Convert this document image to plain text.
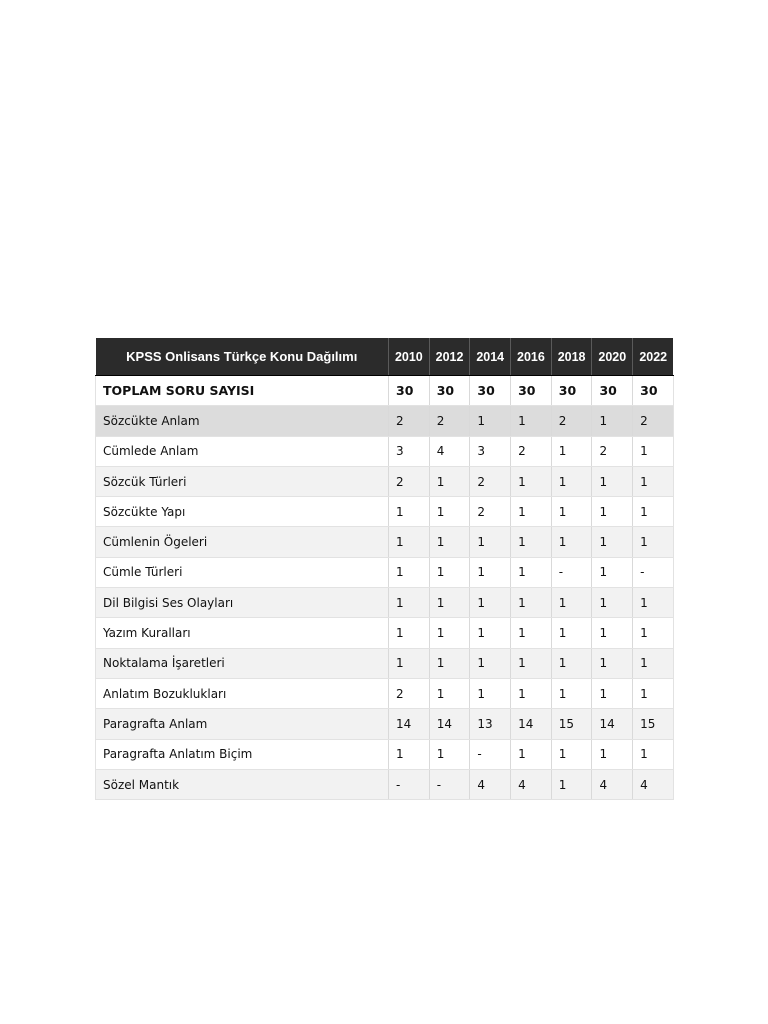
KPSS Onlisans Türkçe Konu Dağılımı	2010	2012	2014	2016	2018	2020	2022
TOPLAM SORU SAYISI	30	30	30	30	30	30	30
Sözcükte Anlam	2	2	1	1	2	1	2
Cümlede Anlam	3	4	3	2	1	2	1
Sözcük Türleri	2	1	2	1	1	1	1
Sözcükte Yapı	1	1	2	1	1	1	1
Cümlenin Ögeleri	1	1	1	1	1	1	1
Cümle Türleri	1	1	1	1	-	1	-
Dil Bilgisi Ses Olayları	1	1	1	1	1	1	1
Yazım Kuralları	1	1	1	1	1	1	1
Noktalama İşaretleri	1	1	1	1	1	1	1
Anlatım Bozuklukları	2	1	1	1	1	1	1
Paragrafta Anlam	14	14	13	14	15	14	15
Paragrafta Anlatım Biçim	1	1	-	1	1	1	1
Sözel Mantık	-	-	4	4	1	4	4
